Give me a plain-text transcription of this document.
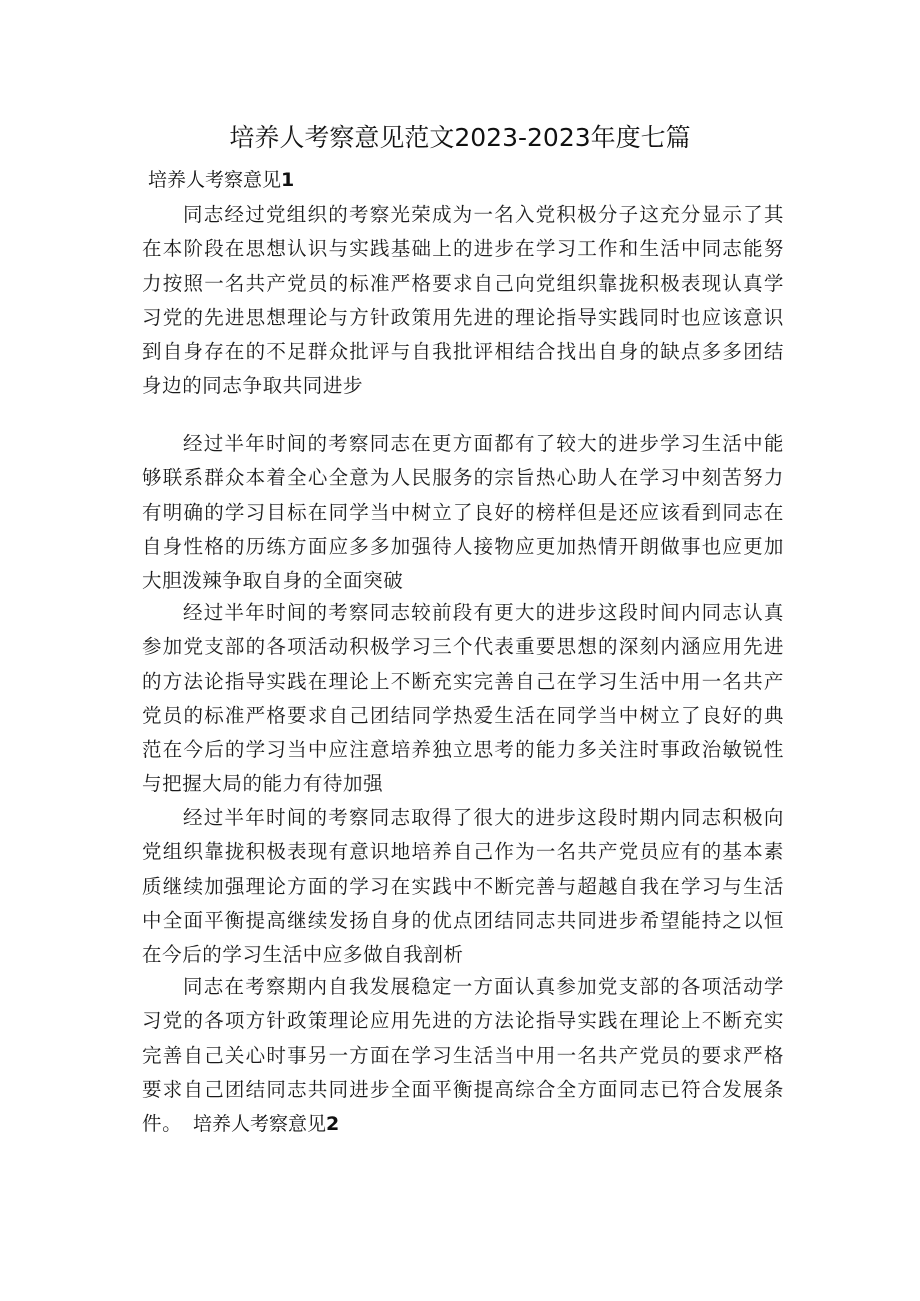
培养人考察意见范文2023-2023年度七篇
培养人考察意见1

同志经过党组织的考察光荣成为一名入党积极分子这充分显示了其在本阶段在思想认识与实践基础上的进步在学习工作和生活中同志能努力按照一名共产党员的标准严格要求自己向党组织靠拢积极表现认真学习党的先进思想理论与方针政策用先进的理论指导实践同时也应该意识到自身存在的不足群众批评与自我批评相结合找出自身的缺点多多团结身边的同志争取共同进步

经过半年时间的考察同志在更方面都有了较大的进步学习生活中能够联系群众本着全心全意为人民服务的宗旨热心助人在学习中刻苦努力有明确的学习目标在同学当中树立了良好的榜样但是还应该看到同志在自身性格的历练方面应多多加强待人接物应更加热情开朗做事也应更加大胆泼辣争取自身的全面突破

经过半年时间的考察同志较前段有更大的进步这段时间内同志认真参加党支部的各项活动积极学习三个代表重要思想的深刻内涵应用先进的方法论指导实践在理论上不断充实完善自己在学习生活中用一名共产党员的标准严格要求自己团结同学热爱生活在同学当中树立了良好的典范在今后的学习当中应注意培养独立思考的能力多关注时事政治敏锐性与把握大局的能力有待加强

经过半年时间的考察同志取得了很大的进步这段时期内同志积极向党组织靠拢积极表现有意识地培养自己作为一名共产党员应有的基本素质继续加强理论方面的学习在实践中不断完善与超越自我在学习与生活中全面平衡提高继续发扬自身的优点团结同志共同进步希望能持之以恒在今后的学习生活中应多做自我剖析

同志在考察期内自我发展稳定一方面认真参加党支部的各项活动学习党的各项方针政策理论应用先进的方法论指导实践在理论上不断充实完善自己关心时事另一方面在学习生活当中用一名共产党员的要求严格要求自己团结同志共同进步全面平衡提高综合全方面同志已符合发展条件。 培养人考察意见2
